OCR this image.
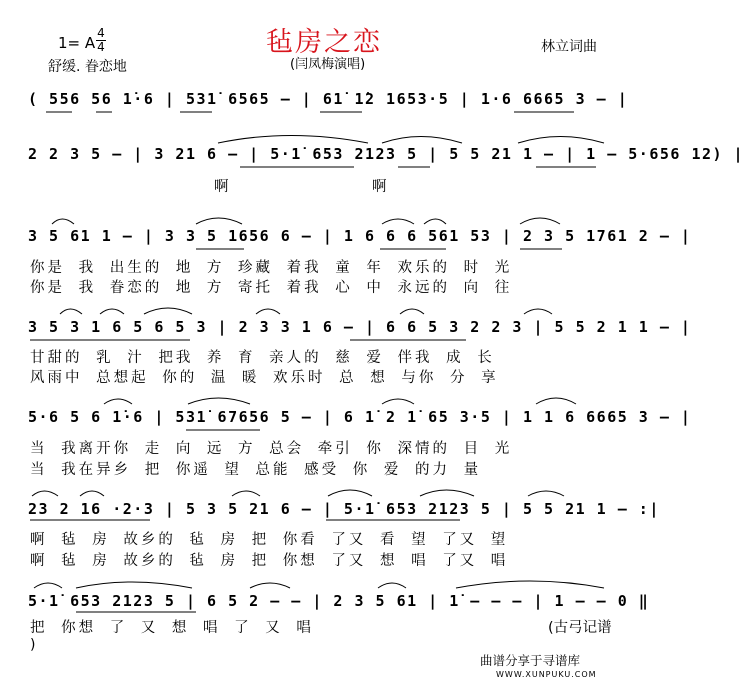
毡房之恋
1= A
4
4
舒缓. 眷恋地	(闫凤梅演唱)
林立词曲
( 556 56 1̇·6 | 531̇ 6565 – | 61̇ 1̇2 1653·5 | 1·6 6665 3 – |
2 2 3 5 – | 3 21 6 – | 5·1̇ 653 2123 5 | 5 5 21 1 – | 1 – 5·656 12) |
3 5 61 1 – | 3 3 5 1656 6 – | 1 6 6 6 561 53 | 2 3 5 1761 2 – |
3 5 3 1 6 5 6 5 3 | 2 3 3 1 6 – | 6 6 5 3 2 2 3 | 5 5 2 1 1 – |
5·6 5 6 1̇·6 | 531̇ 67656 5 – | 6 1̇ 2 1̇ 65 3·5 | 1 1 6 6665 3 – |
23 2 16 ·2·3 | 5 3 5 21 6 – | 5·1̇ 653 2123 5 | 5 5 21 1 – :|
5·1̇ 653 2123 5 | 6 5 2 – – | 2 3 5 61 | 1̇ – – – | 1 – – 0 ‖
啊	啊
你是 我 出生的 地 方 珍藏 着我 童 年 欢乐的 时 光
你是 我 眷恋的 地 方 寄托 着我 心 中 永远的 向 往
甘甜的 乳 汁 把我 养 育 亲人的 慈 爱 伴我 成 长
风雨中 总想起 你的 温 暖 欢乐时 总 想 与你 分 享
当 我离开你 走 向 远 方 总会 牵引 你 深情的 目 光
当 我在异乡 把 你遥 望 总能 感受 你 爱 的力 量
啊 毡 房 故乡的 毡 房 把 你看 了又 看 望 了又 望
啊 毡 房 故乡的 毡 房 把 你想 了又 想 唱 了又 唱
把 你想 了 又 想 唱 了 又 唱	(古弓记谱
)
曲谱分享于寻谱库
WWW.XUNPUKU.COM
